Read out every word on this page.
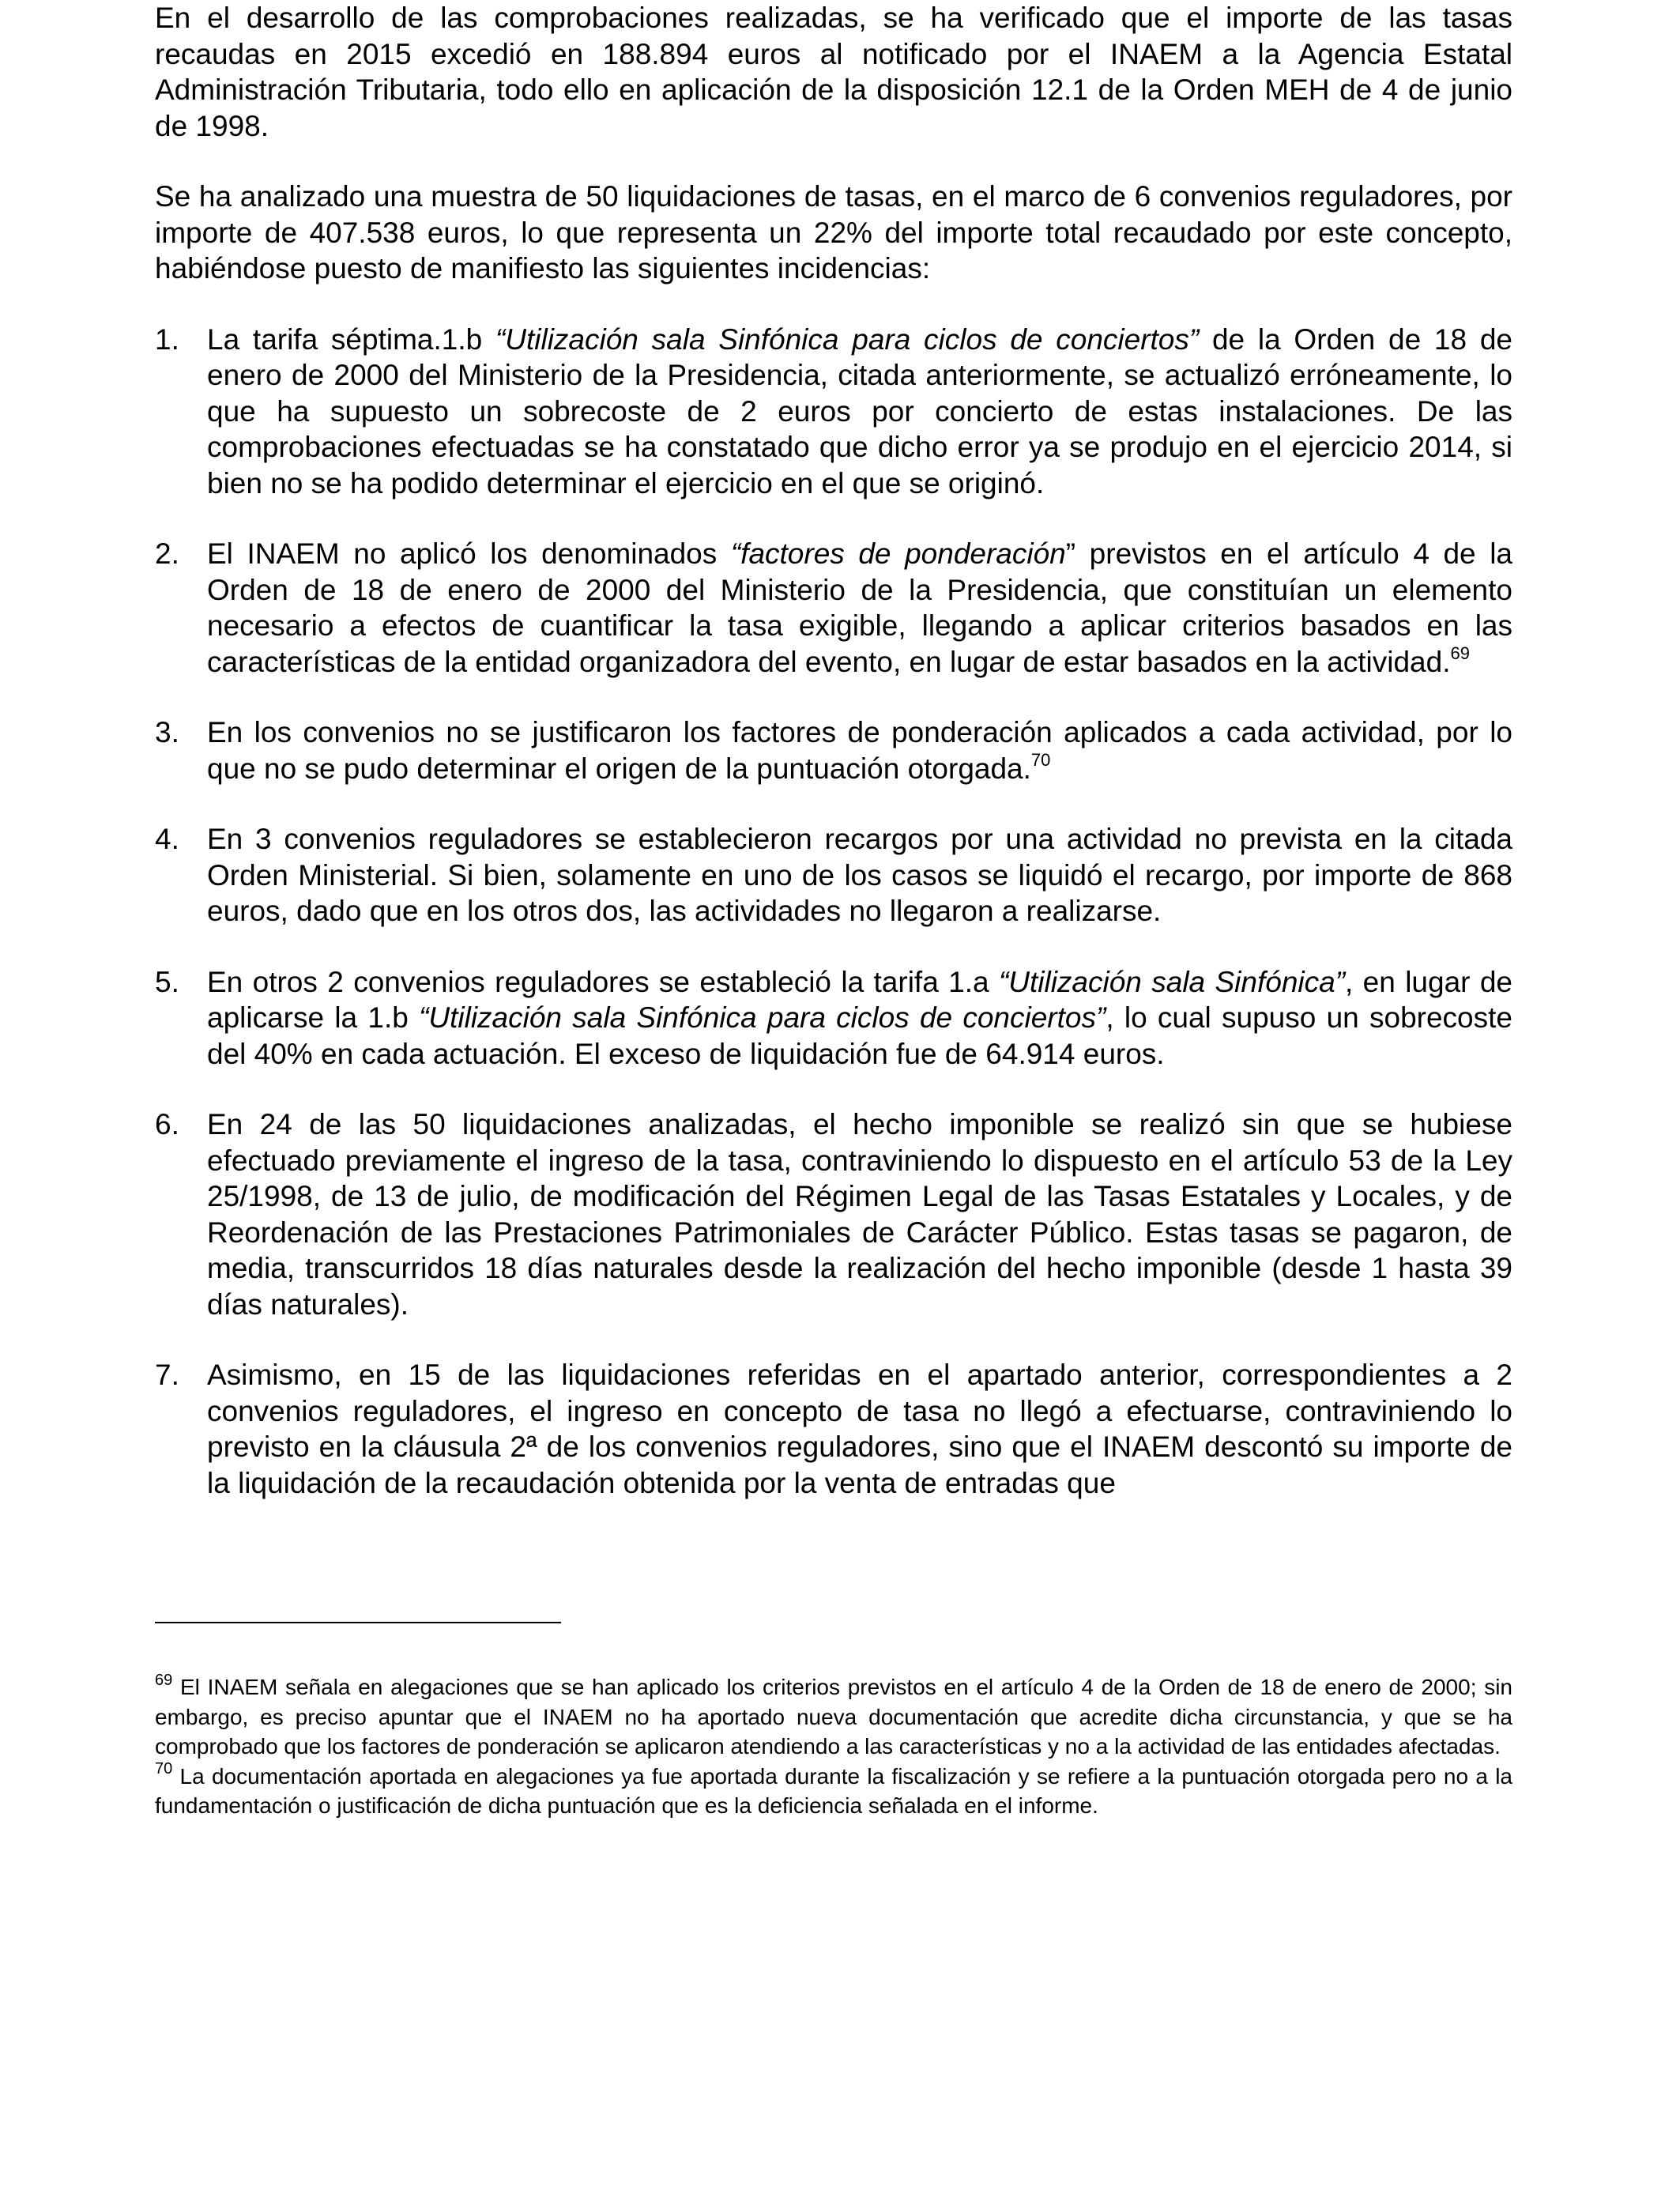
En el desarrollo de las comprobaciones realizadas, se ha verificado que el importe de las tasas recaudas en 2015 excedió en 188.894 euros al notificado por el INAEM a la Agencia Estatal Administración Tributaria, todo ello en aplicación de la disposición 12.1 de la Orden MEH de 4 de junio de 1998.

Se ha analizado una muestra de 50 liquidaciones de tasas, en el marco de 6 convenios reguladores, por importe de 407.538 euros, lo que representa un 22% del importe total recaudado por este concepto, habiéndose puesto de manifiesto las siguientes incidencias:

1. La tarifa séptima.1.b “Utilización sala Sinfónica para ciclos de conciertos” de la Orden de 18 de enero de 2000 del Ministerio de la Presidencia, citada anteriormente, se actualizó erróneamente, lo que ha supuesto un sobrecoste de 2 euros por concierto de estas instalaciones. De las comprobaciones efectuadas se ha constatado que dicho error ya se produjo en el ejercicio 2014, si bien no se ha podido determinar el ejercicio en el que se originó.
2. El INAEM no aplicó los denominados “factores de ponderación” previstos en el artículo 4 de la Orden de 18 de enero de 2000 del Ministerio de la Presidencia, que constituían un elemento necesario a efectos de cuantificar la tasa exigible, llegando a aplicar criterios basados en las características de la entidad organizadora del evento, en lugar de estar basados en la actividad.$^{69}$
3. En los convenios no se justificaron los factores de ponderación aplicados a cada actividad, por lo que no se pudo determinar el origen de la puntuación otorgada.$^{70}$
4. En 3 convenios reguladores se establecieron recargos por una actividad no prevista en la citada Orden Ministerial. Si bien, solamente en uno de los casos se liquidó el recargo, por importe de 868 euros, dado que en los otros dos, las actividades no llegaron a realizarse.
5. En otros 2 convenios reguladores se estableció la tarifa 1.a “Utilización sala Sinfónica”, en lugar de aplicarse la 1.b “Utilización sala Sinfónica para ciclos de conciertos”, lo cual supuso un sobrecoste del 40% en cada actuación. El exceso de liquidación fue de 64.914 euros.
6. En 24 de las 50 liquidaciones analizadas, el hecho imponible se realizó sin que se hubiese efectuado previamente el ingreso de la tasa, contraviniendo lo dispuesto en el artículo 53 de la Ley 25/1998, de 13 de julio, de modificación del Régimen Legal de las Tasas Estatales y Locales, y de Reordenación de las Prestaciones Patrimoniales de Carácter Público. Estas tasas se pagaron, de media, transcurridos 18 días naturales desde la realización del hecho imponible (desde 1 hasta 39 días naturales).
7. Asimismo, en 15 de las liquidaciones referidas en el apartado anterior, correspondientes a 2 convenios reguladores, el ingreso en concepto de tasa no llegó a efectuarse, contraviniendo lo previsto en la cláusula 2ª de los convenios reguladores, sino que el INAEM descontó su importe de la liquidación de la recaudación obtenida por la venta de entradas que

$^{69}$ El INAEM señala en alegaciones que se han aplicado los criterios previstos en el artículo 4 de la Orden de 18 de enero de 2000; sin embargo, es preciso apuntar que el INAEM no ha aportado nueva documentación que acredite dicha circunstancia, y que se ha comprobado que los factores de ponderación se aplicaron atendiendo a las características y no a la actividad de las entidades afectadas.

$^{70}$ La documentación aportada en alegaciones ya fue aportada durante la fiscalización y se refiere a la puntuación otorgada pero no a la fundamentación o justificación de dicha puntuación que es la deficiencia señalada en el informe.
